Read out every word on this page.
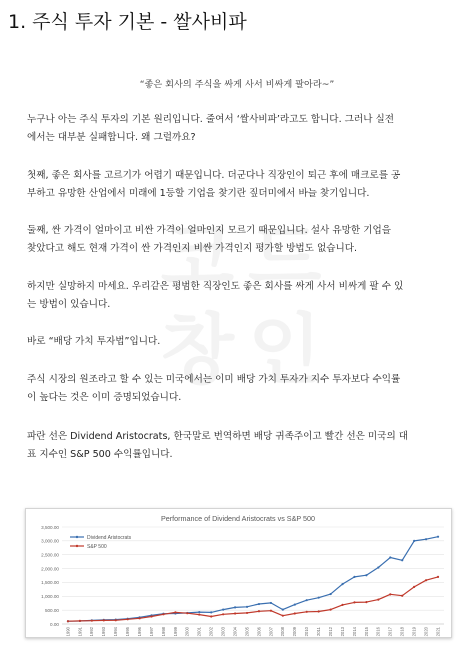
1. 주식 투자 기본 - 쌀사비파
“좋은 회사의 주식을 싸게 사서 비싸게 팔아라~”
누구나 아는 주식 투자의 기본 원리입니다. 줄여서 ‘쌀사비파’라고도 합니다. 그러나 실전
에서는 대부분 실패합니다. 왜 그럴까요?
첫째, 좋은 회사를 고르기가 어렵기 때문입니다. 더군다나 직장인이 퇴근 후에 매크로를 공
부하고 유망한 산업에서 미래에 1등할 기업을 찾기란 짚더미에서 바늘 찾기입니다.
둘째, 싼 가격이 얼마이고 비싼 가격이 얼마인지 모르기 때문입니다. 설사 유망한 기업을
찾았다고 해도 현재 가격이 싼 가격인지 비싼 가격인지 평가할 방법도 없습니다.
하지만 실망하지 마세요. 우리같은 평범한 직장인도 좋은 회사를 싸게 사서 비싸게 팔 수 있
는 방법이 있습니다.
바로 “배당 가치 투자법”입니다.
주식 시장의 원조라고 할 수 있는 미국에서는 이미 배당 가치 투자가 지수 투자보다 수익률
이 높다는 것은 이미 증명되었습니다.
파란 선은 Dividend Aristocrats, 한국말로 번역하면 배당 귀족주이고 빨간 선은 미국의 대
표 지수인 S&P 500 수익률입니다.
Performance of Dividend Aristocrats vs S&P 500
0.00
500.00
1,000.00
1,500.00
2,000.00
2,500.00
3,000.00
3,500.00
1990 1991 1992 1993 1994 1995 1996 1997 1998 1999 2000 2001 2002 2003 2004 2005 2006 2007 2008 2009 2010 2011 2012 2013 2014 2015 2016 2017 2018 2019 2020 2021
Dividend Aristocrats
S&P 500
